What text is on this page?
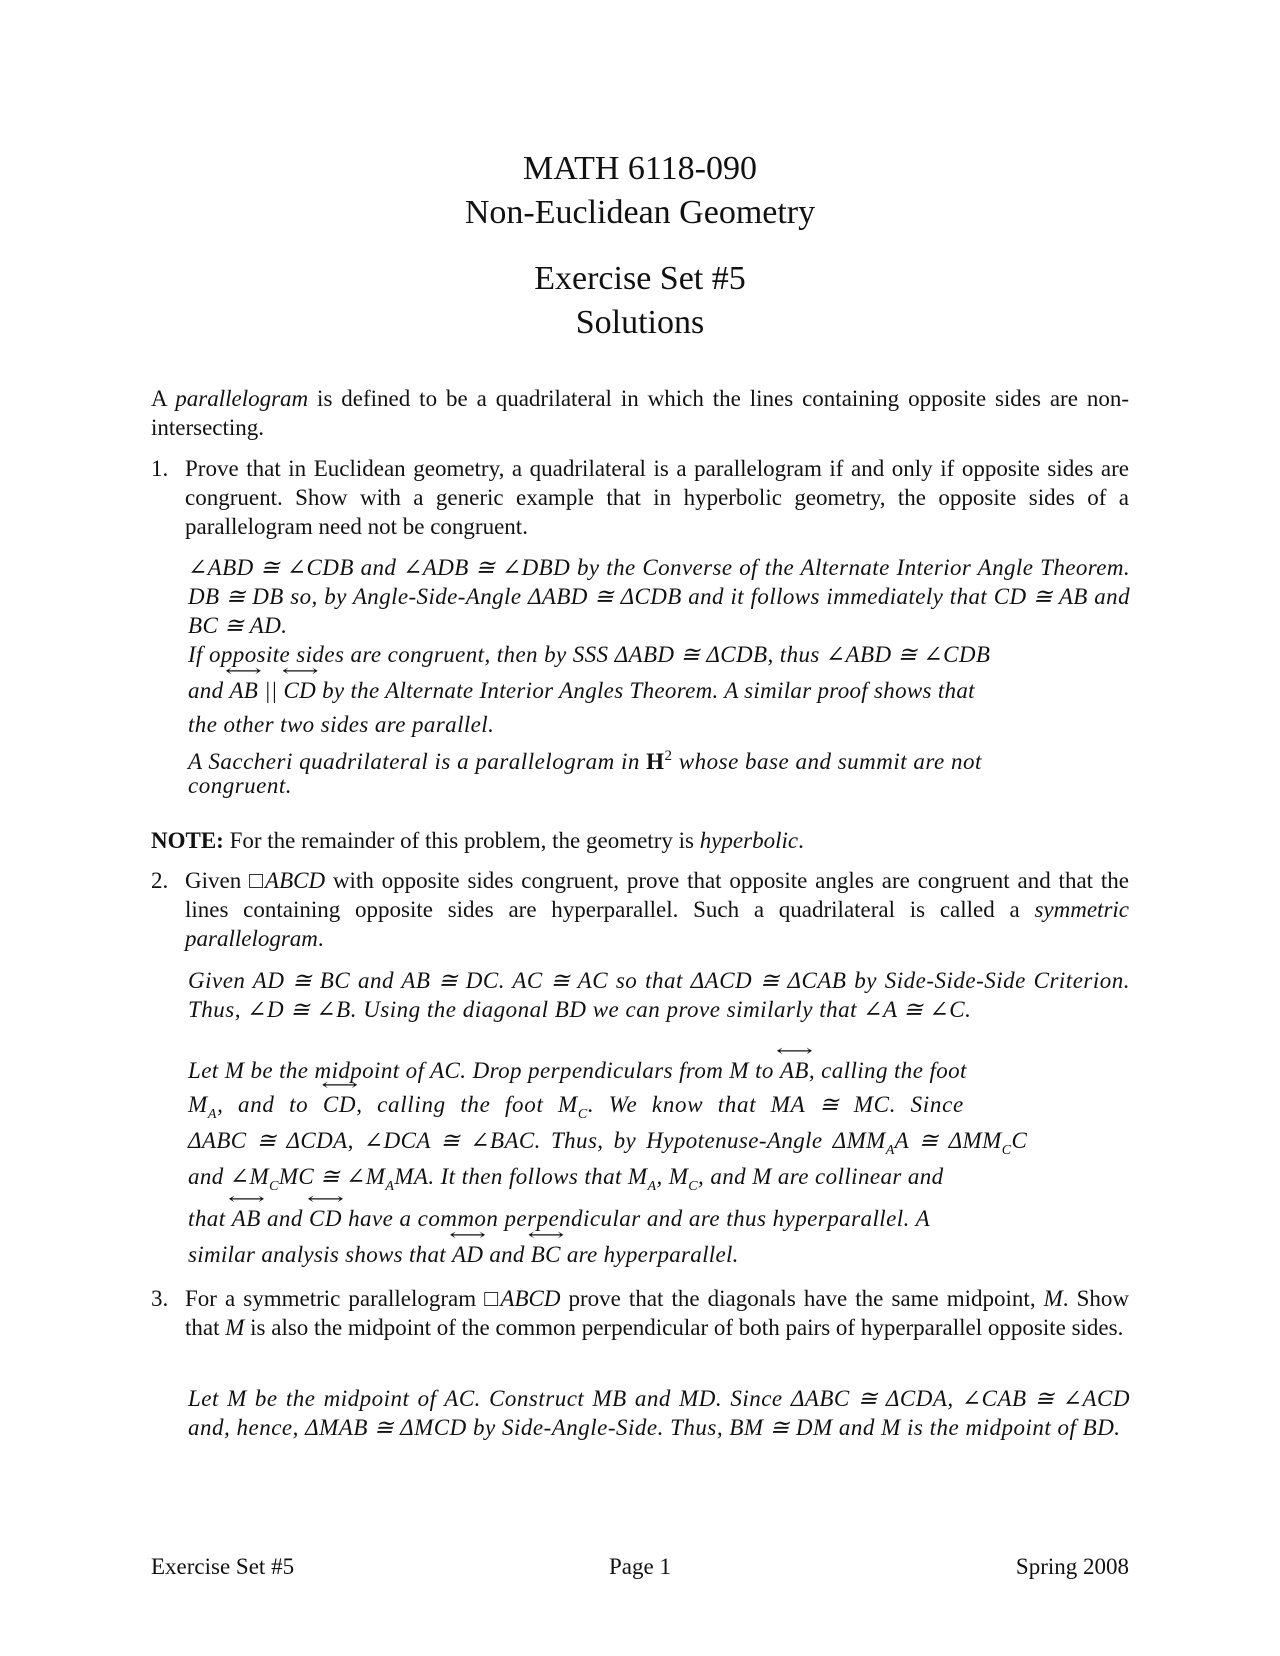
MATH 6118-090
Non-Euclidean Geometry
Exercise Set #5
Solutions
A parallelogram is defined to be a quadrilateral in which the lines containing opposite sides are non-intersecting.
1. Prove that in Euclidean geometry, a quadrilateral is a parallelogram if and only if opposite sides are congruent. Show with a generic example that in hyperbolic geometry, the opposite sides of a parallelogram need not be congruent.
∠ABD ≅ ∠CDB and ∠ADB ≅ ∠DBD by the Converse of the Alternate Interior Angle Theorem. DB ≅ DB so, by Angle-Side-Angle ΔABD ≅ ΔCDB and it follows immediately that CD ≅ AB and BC ≅ AD.
If opposite sides are congruent, then by SSS ΔABD ≅ ΔCDB, thus ∠ABD ≅ ∠CDB
and ⟷ AB || ⟷ CD by the Alternate Interior Angles Theorem. A similar proof shows that
the other two sides are parallel.
A Saccheri quadrilateral is a parallelogram in $H^2$ whose base and summit are not
congruent.
NOTE: For the remainder of this problem, the geometry is hyperbolic.
2. Given □ABCD with opposite sides congruent, prove that opposite angles are congruent and that the lines containing opposite sides are hyperparallel. Such a quadrilateral is called a symmetric parallelogram.
Given AD ≅ BC and AB ≅ DC. AC ≅ AC so that ΔACD ≅ ΔCAB by Side-Side-Side Criterion. Thus, ∠D ≅ ∠B. Using the diagonal BD we can prove similarly that ∠A ≅ ∠C.
Let M be the midpoint of AC. Drop perpendiculars from M to ⟷ AB, calling the foot
$M_A$, and to ⟷ CD, calling the foot $M_C$. We know that MA ≅ MC. Since
ΔABC ≅ ΔCDA, ∠DCA ≅ ∠BAC. Thus, by Hypotenuse-Angle $\Delta MM_AA$ ≅ $\Delta MM_CC$
and $\angle M_CMC$ ≅ $\angle M_AMA$. It then follows that $M_A$, $M_C$, and M are collinear and
that ⟷ AB and ⟷ CD have a common perpendicular and are thus hyperparallel. A
similar analysis shows that ⟷ AD and ⟷ BC are hyperparallel.
3. For a symmetric parallelogram □ABCD prove that the diagonals have the same midpoint, M. Show that M is also the midpoint of the common perpendicular of both pairs of hyperparallel opposite sides.
Let M be the midpoint of AC. Construct MB and MD. Since ΔABC ≅ ΔCDA, ∠CAB ≅ ∠ACD and, hence, ΔMAB ≅ ΔMCD by Side-Angle-Side. Thus, BM ≅ DM and M is the midpoint of BD.
Exercise Set #5	Page 1	Spring 2008
